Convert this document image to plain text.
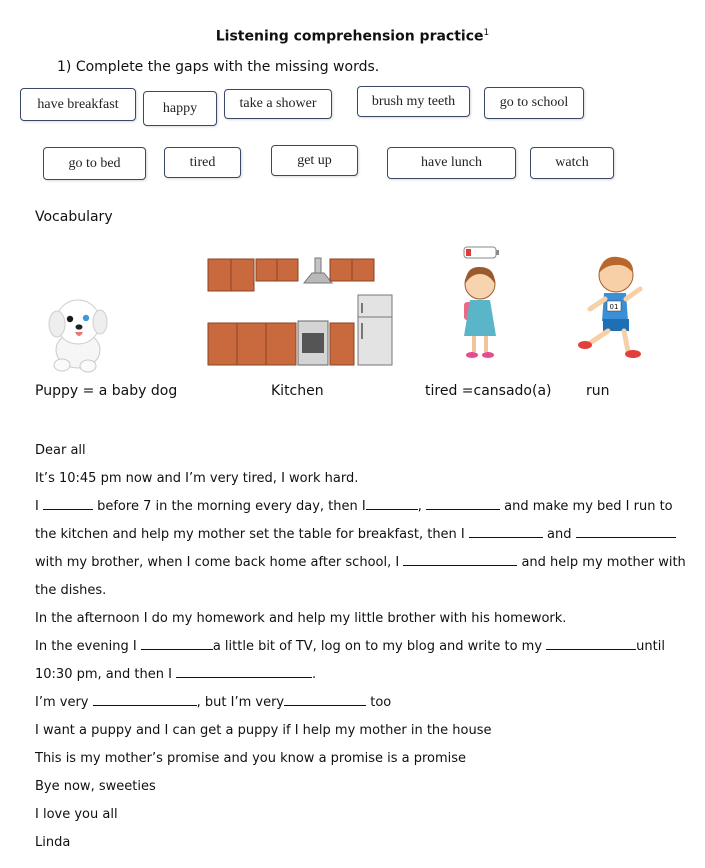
Listening comprehension practice$^1$
1) Complete the gaps with the missing words.
have breakfast	happy	take a shower	brush my teeth	go to school
go to bed	tired	get up	have lunch	watch
Vocabulary
01
Puppy = a baby dog	Kitchen	tired =cansado(a) run
Dear all
It’s 10:45 pm now and I’m very tired, I work hard.
I	before 7 in the morning every day, then I	,	and make my bed I run to
the kitchen and help my mother set the table for breakfast, then I	and
with my brother, when I come back home after school, I	and help my mother with
the dishes.
In the afternoon I do my homework and help my little brother with his homework.
In the evening I	a little bit of TV, log on to my blog and write to my	until
10:30 pm, and then I	.
I’m very	, but I’m very	too
I want a puppy and I can get a puppy if I help my mother in the house
This is my mother’s promise and you know a promise is a promise
Bye now, sweeties
I love you all
Linda
